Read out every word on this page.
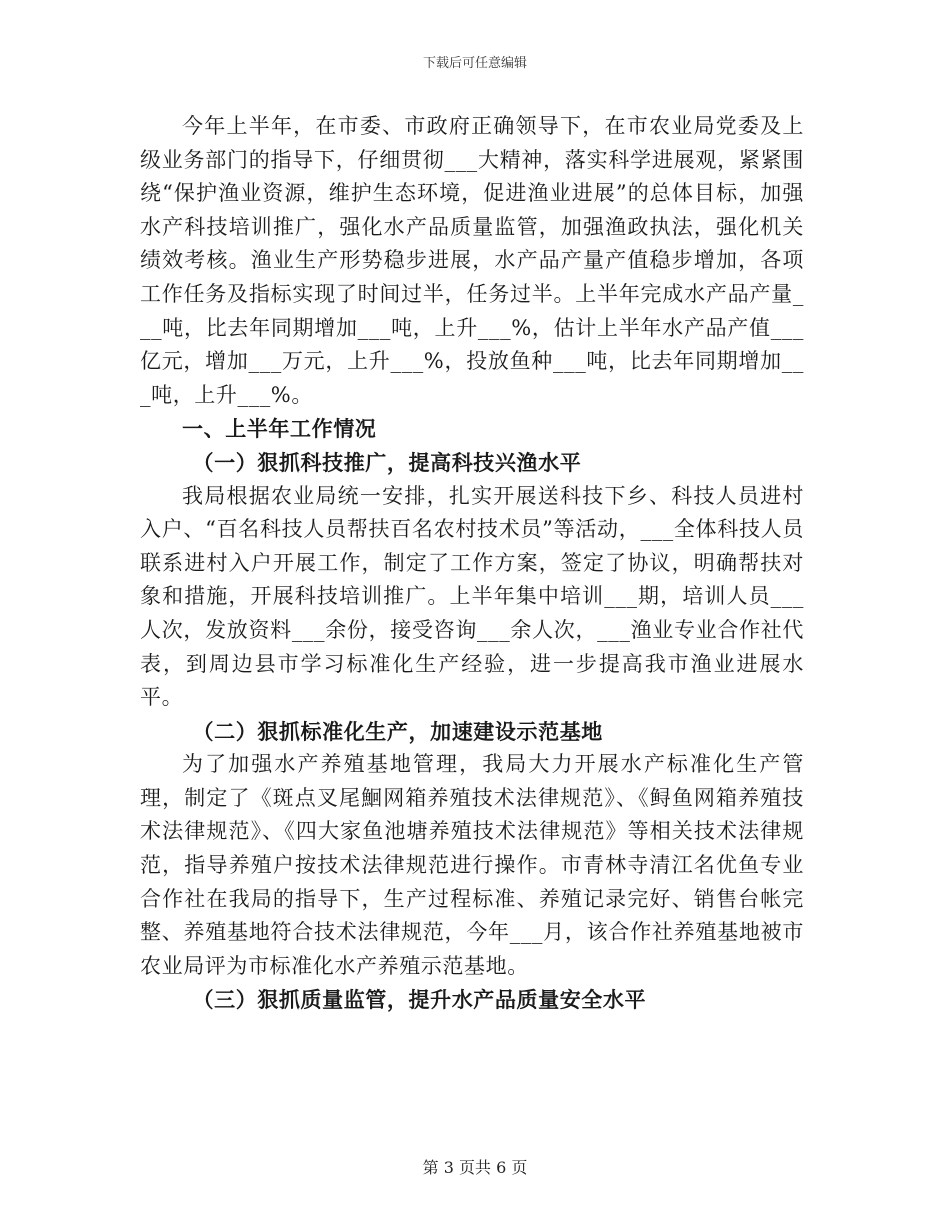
下载后可任意编辑

今年上半年，在市委、市政府正确领导下，在市农业局党委及上级业务部门的指导下，仔细贯彻___大精神，落实科学进展观，紧紧围绕“保护渔业资源，维护生态环境，促进渔业进展”的总体目标，加强水产科技培训推广，强化水产品质量监管，加强渔政执法，强化机关绩效考核。渔业生产形势稳步进展，水产品产量产值稳步增加，各项工作任务及指标实现了时间过半，任务过半。上半年完成水产品产量___吨，比去年同期增加___吨，上升___%，估计上半年水产品产值___亿元，增加___万元，上升___%，投放鱼种___吨，比去年同期增加___吨，上升___%。

一、上半年工作情况

（一）狠抓科技推广，提高科技兴渔水平

我局根据农业局统一安排，扎实开展送科技下乡、科技人员进村入户、“百名科技人员帮扶百名农村技术员”等活动，___全体科技人员联系进村入户开展工作，制定了工作方案，签定了协议，明确帮扶对象和措施，开展科技培训推广。上半年集中培训___期，培训人员___人次，发放资料___余份，接受咨询___余人次，___渔业专业合作社代表，到周边县市学习标准化生产经验，进一步提高我市渔业进展水平。

（二）狠抓标准化生产，加速建设示范基地

为了加强水产养殖基地管理，我局大力开展水产标准化生产管理，制定了《斑点叉尾鮰网箱养殖技术法律规范》、《鲟鱼网箱养殖技术法律规范》、《四大家鱼池塘养殖技术法律规范》等相关技术法律规范，指导养殖户按技术法律规范进行操作。市青林寺清江名优鱼专业合作社在我局的指导下，生产过程标准、养殖记录完好、销售台帐完整、养殖基地符合技术法律规范，今年___月，该合作社养殖基地被市农业局评为市标准化水产养殖示范基地。

（三）狠抓质量监管，提升水产品质量安全水平

第 3 页共 6 页
